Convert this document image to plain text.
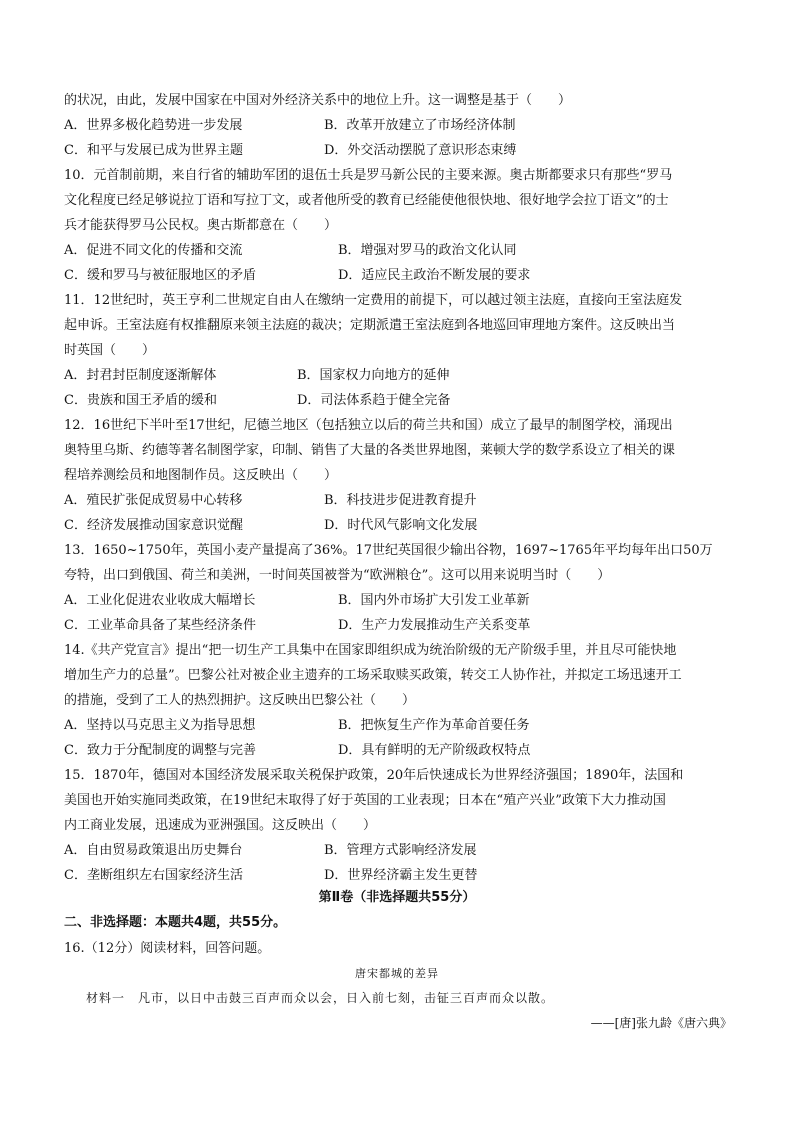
的状况，由此，发展中国家在中国对外经济关系中的地位上升。这一调整是基于（　　）
A．世界多极化趋势进一步发展	B．改革开放建立了市场经济体制
C．和平与发展已成为世界主题	D．外交活动摆脱了意识形态束缚
10．元首制前期，来自行省的辅助军团的退伍士兵是罗马新公民的主要来源。奥古斯都要求只有那些“罗马
文化程度已经足够说拉丁语和写拉丁文，或者他所受的教育已经能使他很快地、很好地学会拉丁语文”的士
兵才能获得罗马公民权。奥古斯都意在（　　）
A．促进不同文化的传播和交流	B．增强对罗马的政治文化认同
C．缓和罗马与被征服地区的矛盾	D．适应民主政治不断发展的要求
11．12世纪时，英王亨利二世规定自由人在缴纳一定费用的前提下，可以越过领主法庭，直接向王室法庭发
起申诉。王室法庭有权推翻原来领主法庭的裁决；定期派遣王室法庭到各地巡回审理地方案件。这反映出当
时英国（　　）
A．封君封臣制度逐渐解体	B．国家权力向地方的延伸
C．贵族和国王矛盾的缓和	D．司法体系趋于健全完备
12．16世纪下半叶至17世纪，尼德兰地区（包括独立以后的荷兰共和国）成立了最早的制图学校，涌现出
奥特里乌斯、约德等著名制图学家，印制、销售了大量的各类世界地图，莱顿大学的数学系设立了相关的课
程培养测绘员和地图制作员。这反映出（　　）
A．殖民扩张促成贸易中心转移	B．科技进步促进教育提升
C．经济发展推动国家意识觉醒	D．时代风气影响文化发展
13．1650~1750年，英国小麦产量提高了36%。17世纪英国很少输出谷物，1697~1765年平均每年出口50万
夸特，出口到俄国、荷兰和美洲，一时间英国被誉为“欧洲粮仓”。这可以用来说明当时（　　）
A．工业化促进农业收成大幅增长	B．国内外市场扩大引发工业革新
C．工业革命具备了某些经济条件	D．生产力发展推动生产关系变革
14.《共产党宣言》提出“把一切生产工具集中在国家即组织成为统治阶级的无产阶级手里，并且尽可能快地
增加生产力的总量”。巴黎公社对被企业主遗弃的工场采取赎买政策，转交工人协作社，并拟定工场迅速开工
的措施，受到了工人的热烈拥护。这反映出巴黎公社（　　）
A．坚持以马克思主义为指导思想	B．把恢复生产作为革命首要任务
C．致力于分配制度的调整与完善	D．具有鲜明的无产阶级政权特点
15．1870年，德国对本国经济发展采取关税保护政策，20年后快速成长为世界经济强国；1890年，法国和
美国也开始实施同类政策，在19世纪末取得了好于英国的工业表现；日本在“殖产兴业”政策下大力推动国
内工商业发展，迅速成为亚洲强国。这反映出（　　）
A．自由贸易政策退出历史舞台	B．管理方式影响经济发展
C．垄断组织左右国家经济生活	D．世界经济霸主发生更替
第Ⅱ卷（非选择题共55分）
二、非选择题：本题共4题，共55分。
16.（12分）阅读材料，回答问题。
唐宋都城的差异
材料一　凡市，以日中击鼓三百声而众以会，日入前七刻，击钲三百声而众以散。
——[唐]张九龄《唐六典》
